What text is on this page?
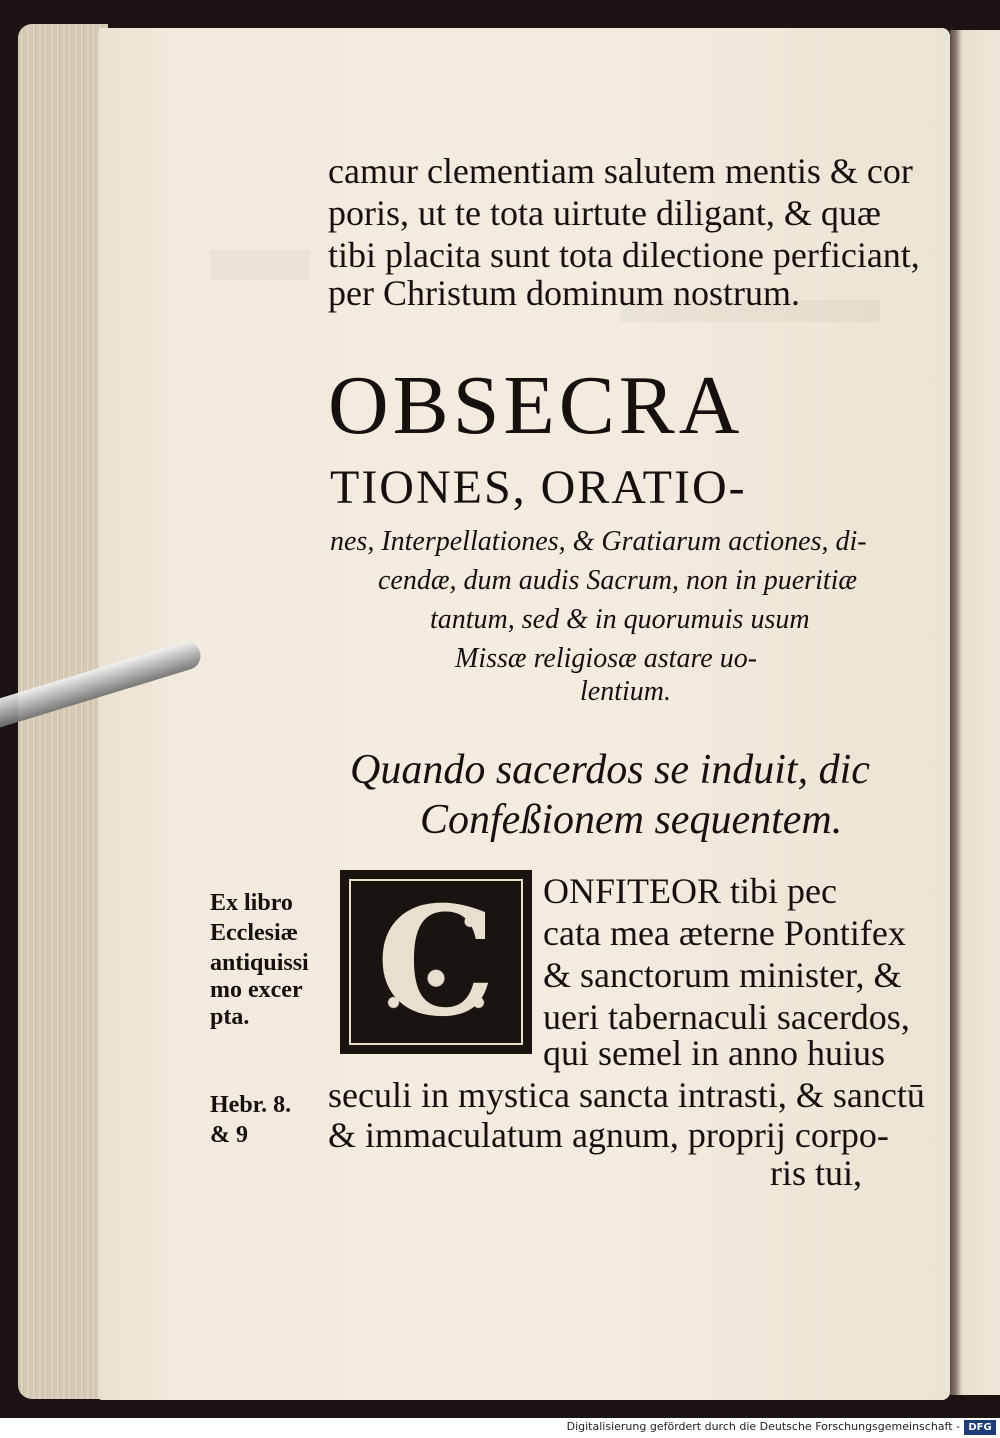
camur clementiam salutem mentis & cor
poris, ut te tota uirtute diligant, & quæ
tibi placita sunt tota dilectione perficiant,
per Christum dominum nostrum.
OBSECRA
TIONES, ORATIO-
nes, Interpellationes, & Gratiarum actiones, di-
cendæ, dum audis Sacrum, non in pueritiæ
tantum, sed & in quorumuis usum
Missæ religiosæ astare uo-
lentium.
Quando sacerdos se induit, dic
Confeßionem sequentem.
C	ONFITEOR tibi pec
cata mea æterne Pontifex
& sanctorum minister, &
ueri tabernaculi sacerdos,
qui semel in anno huius
seculi in mystica sancta intrasti, & sanctū
& immaculatum agnum, proprij corpo-
ris tui,
Ex libro
Ecclesiæ
antiquissi
mo excer
pta.
Hebr. 8.
& 9
Digitalisierung gefördert durch die Deutsche Forschungsgemeinschaft - DFG
